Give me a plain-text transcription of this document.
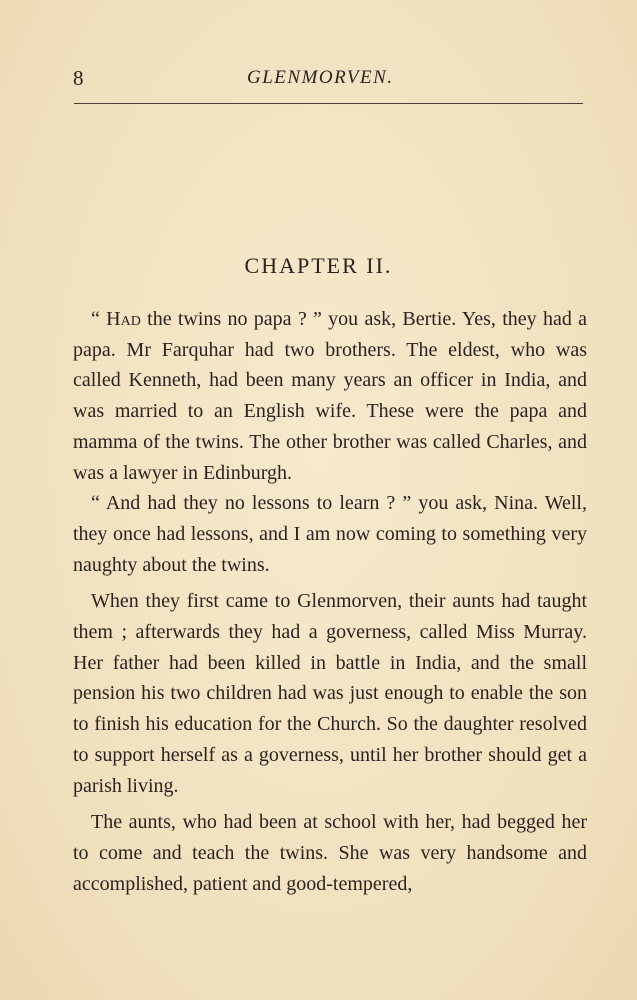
8	GLENMORVEN.
CHAPTER II.

“ Had the twins no papa ? ” you ask, Bertie. Yes, they had a papa. Mr Farquhar had two brothers. The eldest, who was called Kenneth, had been many years an officer in India, and was married to an English wife. These were the papa and mamma of the twins. The other brother was called Charles, and was a lawyer in Edinburgh.

“ And had they no lessons to learn ? ” you ask, Nina. Well, they once had lessons, and I am now coming to something very naughty about the twins.

When they first came to Glenmorven, their aunts had taught them ; afterwards they had a governess, called Miss Murray. Her father had been killed in battle in India, and the small pension his two children had was just enough to enable the son to finish his education for the Church. So the daughter resolved to support herself as a governess, until her brother should get a parish living.

The aunts, who had been at school with her, had begged her to come and teach the twins. She was very handsome and accomplished, patient and good-tempered,
